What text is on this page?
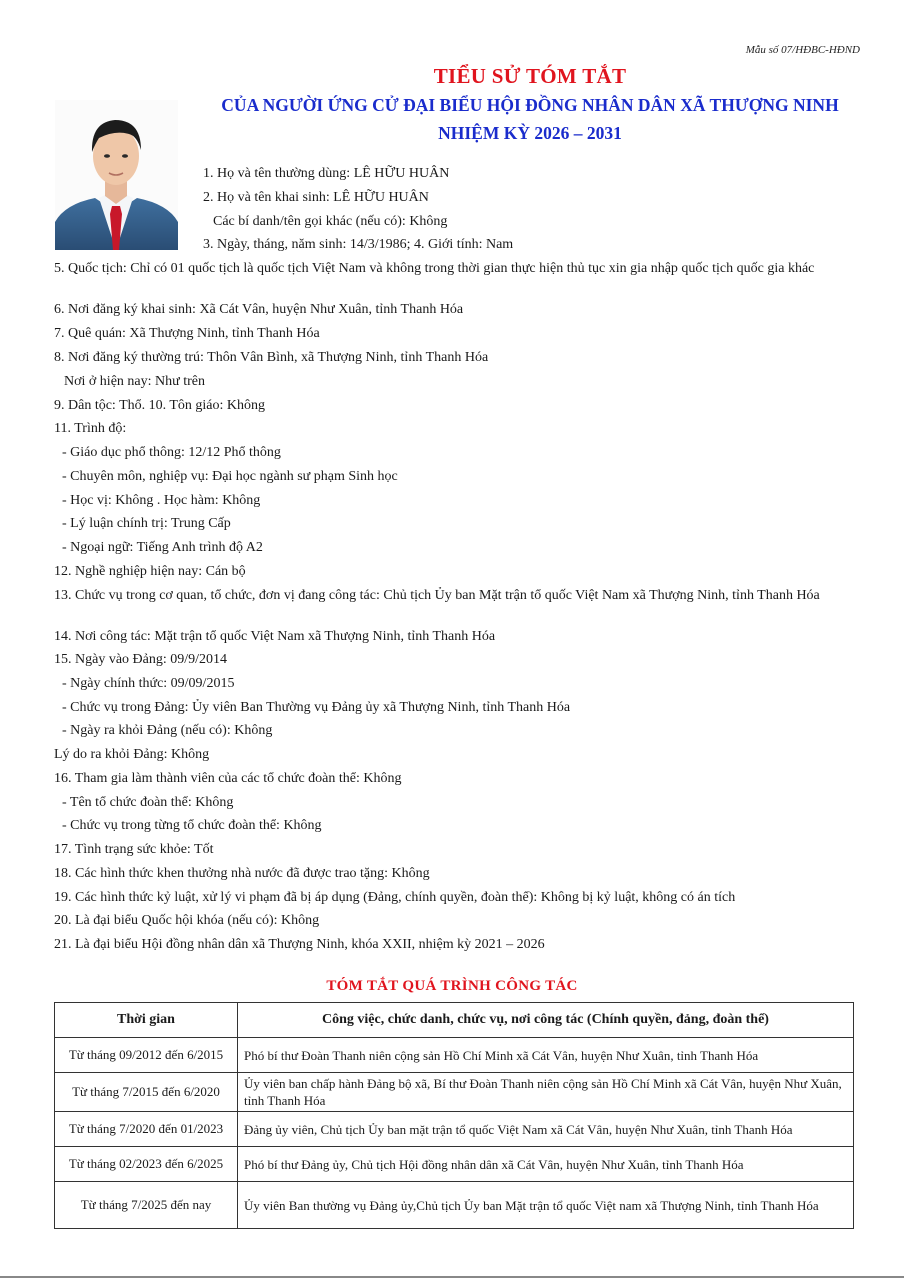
Mẫu số 07/HĐBC-HĐND
TIỂU SỬ TÓM TẮT
CỦA NGƯỜI ỨNG CỬ ĐẠI BIỂU HỘI ĐỒNG NHÂN DÂN XÃ THƯỢNG NINH
NHIỆM KỲ 2026 – 2031
1. Họ và tên thường dùng: LÊ HỮU HUÂN
2. Họ và tên khai sinh: LÊ HỮU HUÂN
Các bí danh/tên gọi khác (nếu có): Không
3. Ngày, tháng, năm sinh: 14/3/1986; 4. Giới tính: Nam
5. Quốc tịch: Chỉ có 01 quốc tịch là quốc tịch Việt Nam và không trong thời gian thực hiện thủ tục xin gia nhập quốc tịch quốc gia khác
6. Nơi đăng ký khai sinh: Xã Cát Vân, huyện Như Xuân, tỉnh Thanh Hóa
7. Quê quán: Xã Thượng Ninh, tỉnh Thanh Hóa
8. Nơi đăng ký thường trú: Thôn Vân Bình, xã Thượng Ninh, tỉnh Thanh Hóa
Nơi ở hiện nay: Như trên
9. Dân tộc: Thổ. 10. Tôn giáo: Không
11. Trình độ:
- Giáo dục phổ thông: 12/12 Phổ thông
- Chuyên môn, nghiệp vụ: Đại học ngành sư phạm Sinh học
- Học vị: Không . Học hàm: Không
- Lý luận chính trị: Trung Cấp
- Ngoại ngữ: Tiếng Anh trình độ A2
12. Nghề nghiệp hiện nay: Cán bộ
13. Chức vụ trong cơ quan, tổ chức, đơn vị đang công tác: Chủ tịch Ủy ban Mặt trận tổ quốc Việt Nam xã Thượng Ninh, tỉnh Thanh Hóa
14. Nơi công tác: Mặt trận tổ quốc Việt Nam xã Thượng Ninh, tỉnh Thanh Hóa
15. Ngày vào Đảng: 09/9/2014
- Ngày chính thức: 09/09/2015
- Chức vụ trong Đảng: Ủy viên Ban Thường vụ Đảng ủy xã Thượng Ninh, tỉnh Thanh Hóa
- Ngày ra khỏi Đảng (nếu có): Không
Lý do ra khỏi Đảng: Không
16. Tham gia làm thành viên của các tổ chức đoàn thể: Không
- Tên tổ chức đoàn thể: Không
- Chức vụ trong từng tổ chức đoàn thể: Không
17. Tình trạng sức khỏe: Tốt
18. Các hình thức khen thưởng nhà nước đã được trao tặng: Không
19. Các hình thức kỷ luật, xử lý vi phạm đã bị áp dụng (Đảng, chính quyền, đoàn thể): Không bị kỷ luật, không có án tích
20. Là đại biểu Quốc hội khóa (nếu có): Không
21. Là đại biểu Hội đồng nhân dân xã Thượng Ninh, khóa XXII, nhiệm kỳ 2021 – 2026
TÓM TẮT QUÁ TRÌNH CÔNG TÁC
Thời gian	Công việc, chức danh, chức vụ, nơi công tác (Chính quyền, đảng, đoàn thể)
Từ tháng 09/2012 đến 6/2015	Phó bí thư Đoàn Thanh niên cộng sản Hồ Chí Minh xã Cát Vân, huyện Như Xuân, tỉnh Thanh Hóa
Từ tháng 7/2015 đến 6/2020	Ủy viên ban chấp hành Đảng bộ xã, Bí thư Đoàn Thanh niên cộng sản Hồ Chí Minh xã Cát Vân, huyện Như Xuân, tỉnh Thanh Hóa
Từ tháng 7/2020 đến 01/2023	Đảng ủy viên, Chủ tịch Ủy ban mặt trận tổ quốc Việt Nam xã Cát Vân, huyện Như Xuân, tỉnh Thanh Hóa
Từ tháng 02/2023 đến 6/2025	Phó bí thư Đảng ủy, Chủ tịch Hội đồng nhân dân xã Cát Vân, huyện Như Xuân, tỉnh Thanh Hóa
Từ tháng 7/2025 đến nay	Ủy viên Ban thường vụ Đảng ủy,Chủ tịch Ủy ban Mặt trận tổ quốc Việt nam xã Thượng Ninh, tỉnh Thanh Hóa
